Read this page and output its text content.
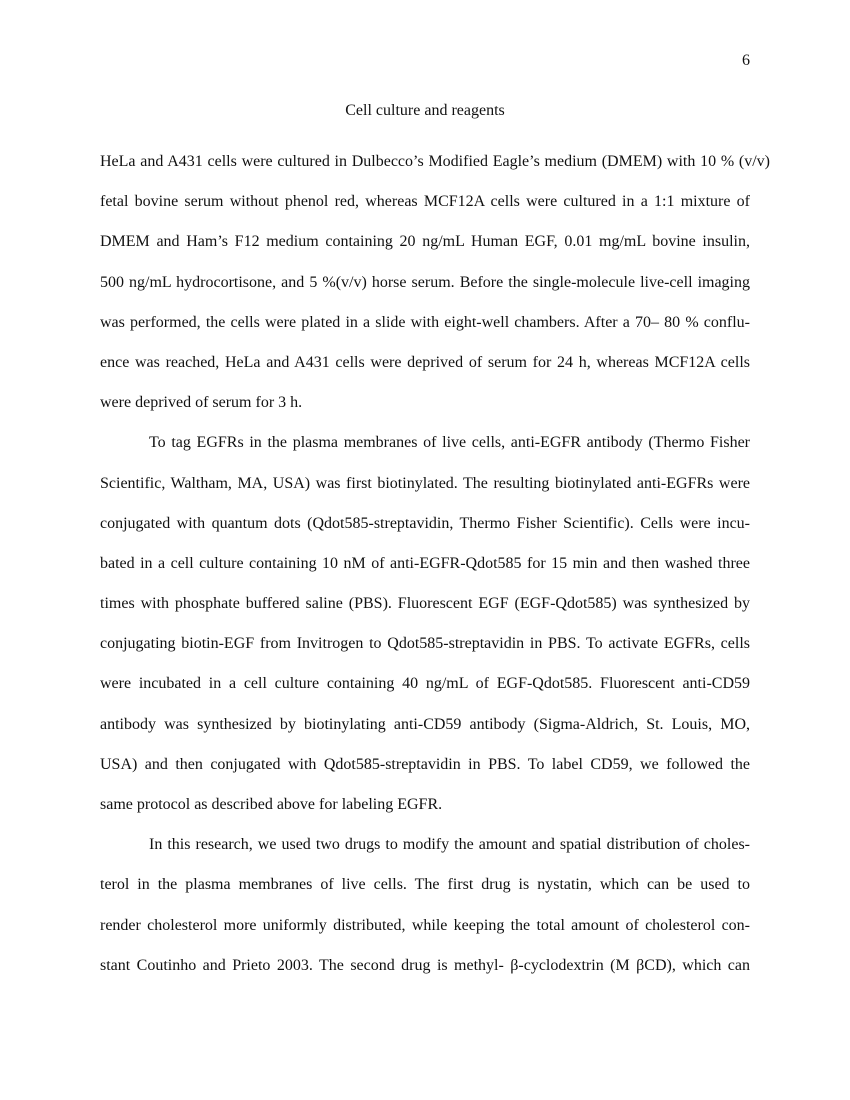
6
Cell culture and reagents

HeLa and A431 cells were cultured in Dulbecco’s Modified Eagle’s medium (DMEM) with 10 % (v/v)
fetal bovine serum without phenol red, whereas MCF12A cells were cultured in a 1:1 mixture of
DMEM and Ham’s F12 medium containing 20 ng/mL Human EGF, 0.01 mg/mL bovine insulin,
500 ng/mL hydrocortisone, and 5 %(v/v) horse serum. Before the single-molecule live-cell imaging
was performed, the cells were plated in a slide with eight-well chambers. After a 70– 80 % conflu-
ence was reached, HeLa and A431 cells were deprived of serum for 24 h, whereas MCF12A cells
were deprived of serum for 3 h.

To tag EGFRs in the plasma membranes of live cells, anti-EGFR antibody (Thermo Fisher
Scientific, Waltham, MA, USA) was first biotinylated. The resulting biotinylated anti-EGFRs were
conjugated with quantum dots (Qdot585-streptavidin, Thermo Fisher Scientific). Cells were incu-
bated in a cell culture containing 10 nM of anti-EGFR-Qdot585 for 15 min and then washed three
times with phosphate buffered saline (PBS). Fluorescent EGF (EGF-Qdot585) was synthesized by
conjugating biotin-EGF from Invitrogen to Qdot585-streptavidin in PBS. To activate EGFRs, cells
were incubated in a cell culture containing 40 ng/mL of EGF-Qdot585. Fluorescent anti-CD59
antibody was synthesized by biotinylating anti-CD59 antibody (Sigma-Aldrich, St. Louis, MO,
USA) and then conjugated with Qdot585-streptavidin in PBS. To label CD59, we followed the
same protocol as described above for labeling EGFR.

In this research, we used two drugs to modify the amount and spatial distribution of choles-
terol in the plasma membranes of live cells. The first drug is nystatin, which can be used to
render cholesterol more uniformly distributed, while keeping the total amount of cholesterol con-
stant Coutinho and Prieto 2003. The second drug is methyl- β-cyclodextrin (M βCD), which can
